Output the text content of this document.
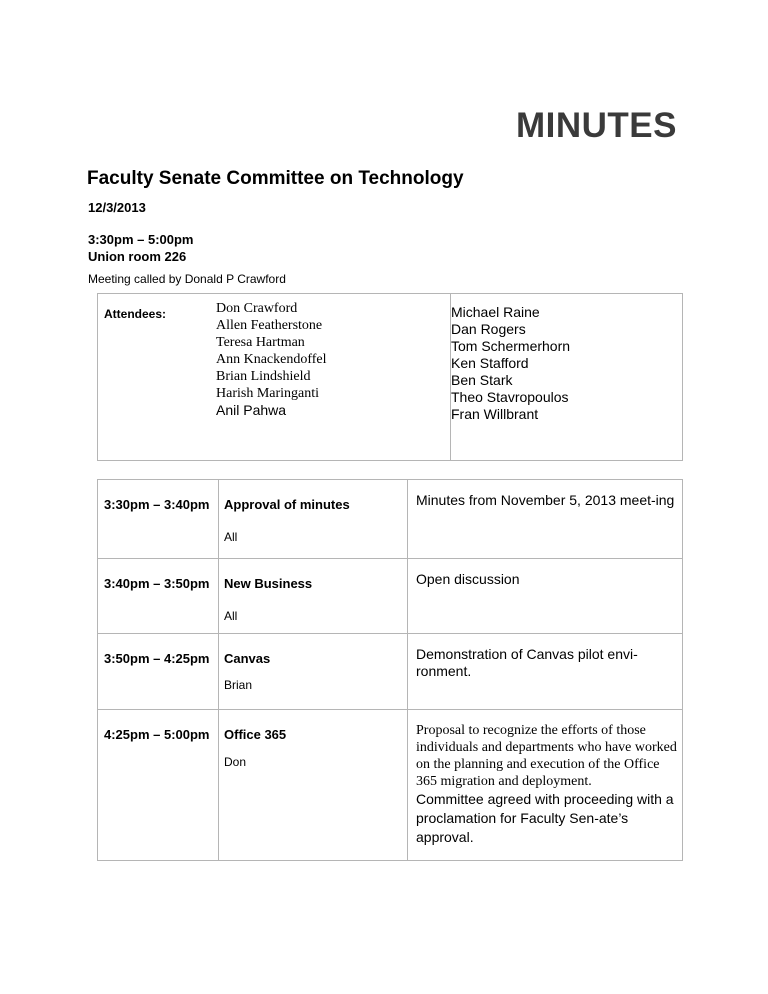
MINUTES
Faculty Senate Committee on Technology
12/3/2013
3:30pm – 5:00pm
Union room 226
Meeting called by Donald P Crawford
Attendees:	Don Crawford
Allen Featherstone
Teresa Hartman
Ann Knackendoffel
Brian Lindshield
Harish Maringanti
Anil Pahwa
Michael Raine
Dan Rogers
Tom Schermerhorn
Ken Stafford
Ben Stark
Theo Stavropoulos
Fran Willbrant
3:30pm – 3:40pm Approval of minutes
All
Minutes from November 5, 2013 meet-ing
3:40pm – 3:50pm New Business
All
Open discussion
3:50pm – 4:25pm Canvas
Brian
Demonstration of Canvas pilot envi-ronment.
4:25pm – 5:00pm Office 365
Don
Proposal to recognize the efforts of those individuals and departments who have worked on the planning and execution of the Office 365 migration and deployment.
Committee agreed with proceeding with a proclamation for Faculty Sen-ate’s approval.
